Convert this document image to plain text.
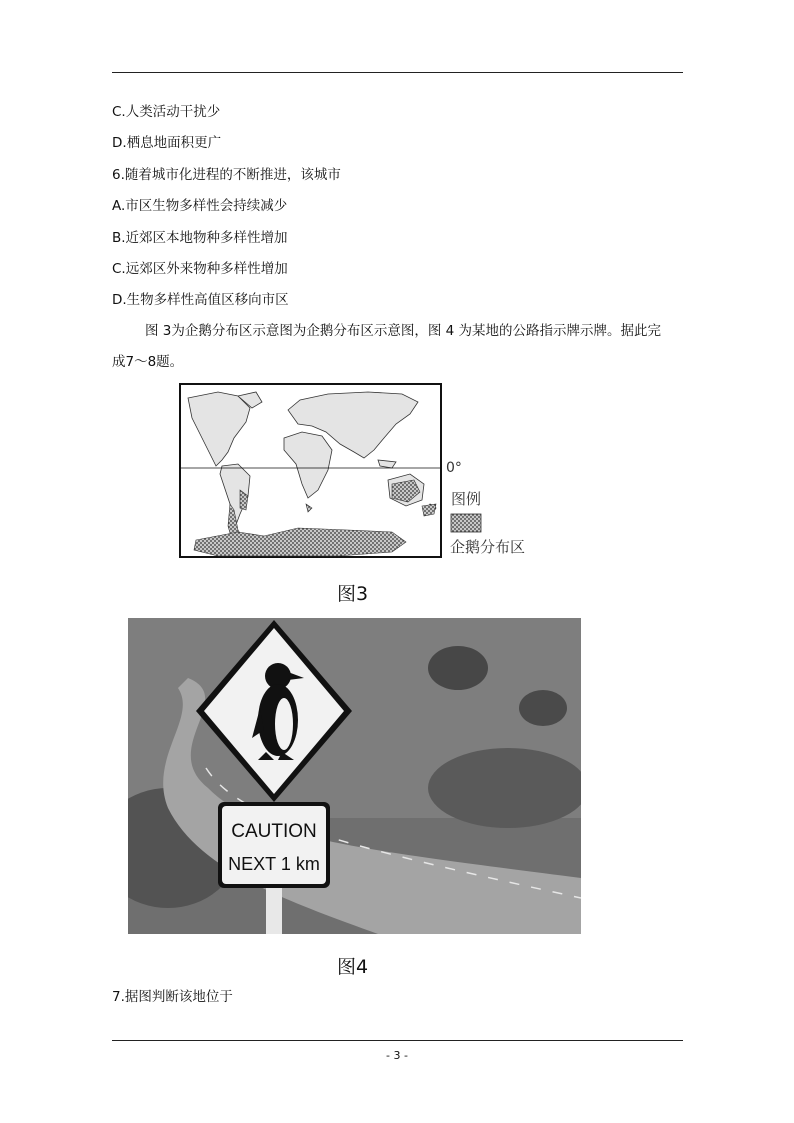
C.人类活动干扰少
D.栖息地面积更广
6.随着城市化进程的不断推进，该城市
A.市区生物多样性会持续减少
B.近郊区本地物种多样性增加
C.远郊区外来物种多样性增加
D.生物多样性高值区移向市区
图 3为企鹅分布区示意图为企鹅分布区示意图，图 4 为某地的公路指示牌示牌。据此完
成7～8题。
0°
图例
企鹅分布区
图3
CAUTION
NEXT 1 km
图4
7.据图判断该地位于
- 3 -
